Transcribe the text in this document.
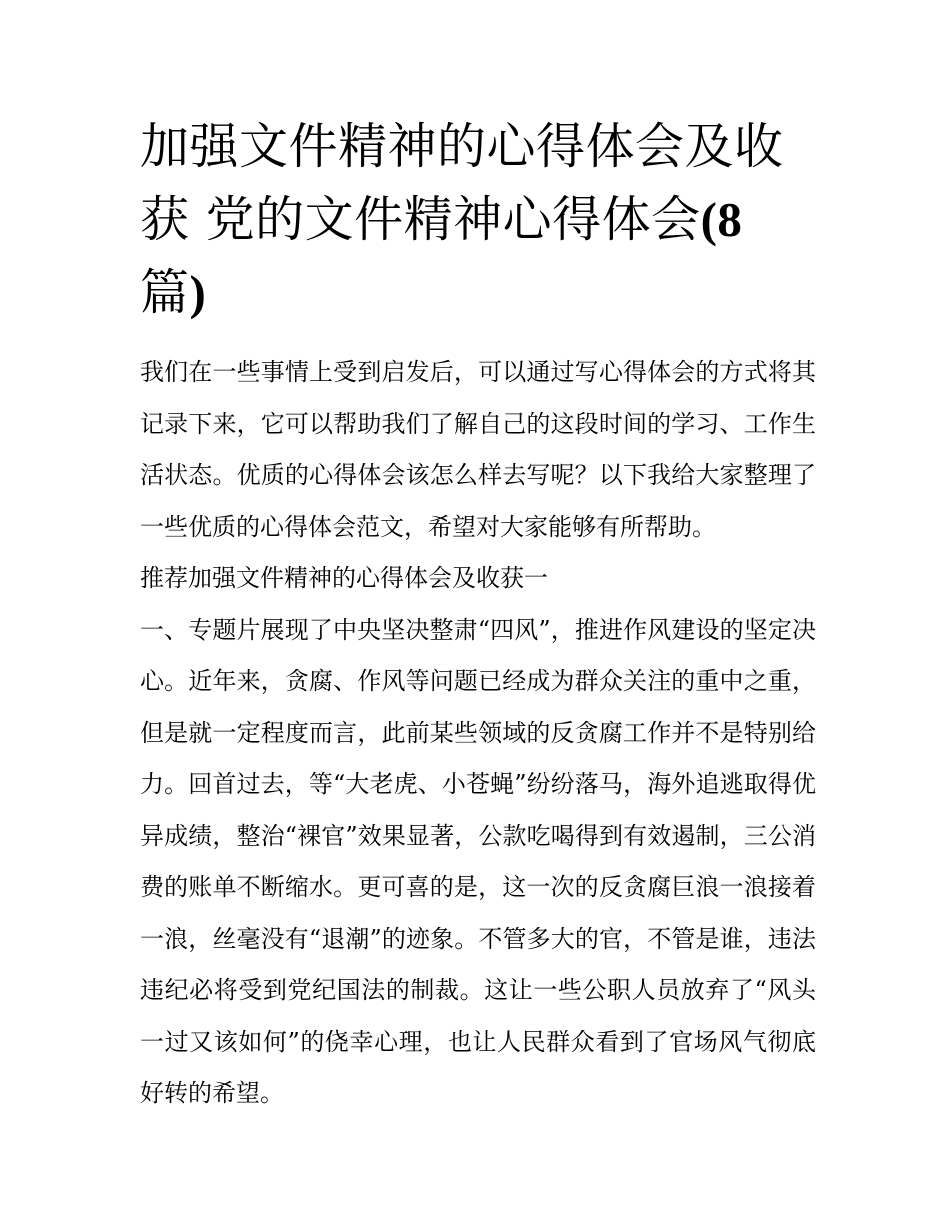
加强文件精神的心得体会及收获 党的文件精神心得体会(8
篇)

我们在一些事情上受到启发后，可以通过写心得体会的方式将其记录下来，它可以帮助我们了解自己的这段时间的学习、工作生活状态。优质的心得体会该怎么样去写呢？以下我给大家整理了一些优质的心得体会范文，希望对大家能够有所帮助。

推荐加强文件精神的心得体会及收获一

一、专题片展现了中央坚决整肃“四风”，推进作风建设的坚定决心。近年来，贪腐、作风等问题已经成为群众关注的重中之重，但是就一定程度而言，此前某些领域的反贪腐工作并不是特别给力。回首过去，等“大老虎、小苍蝇”纷纷落马，海外追逃取得优异成绩，整治“裸官”效果显著，公款吃喝得到有效遏制，三公消费的账单不断缩水。更可喜的是，这一次的反贪腐巨浪一浪接着一浪，丝毫没有“退潮”的迹象。不管多大的官，不管是谁，违法违纪必将受到党纪国法的制裁。这让一些公职人员放弃了“风头一过又该如何”的侥幸心理，也让人民群众看到了官场风气彻底好转的希望。
